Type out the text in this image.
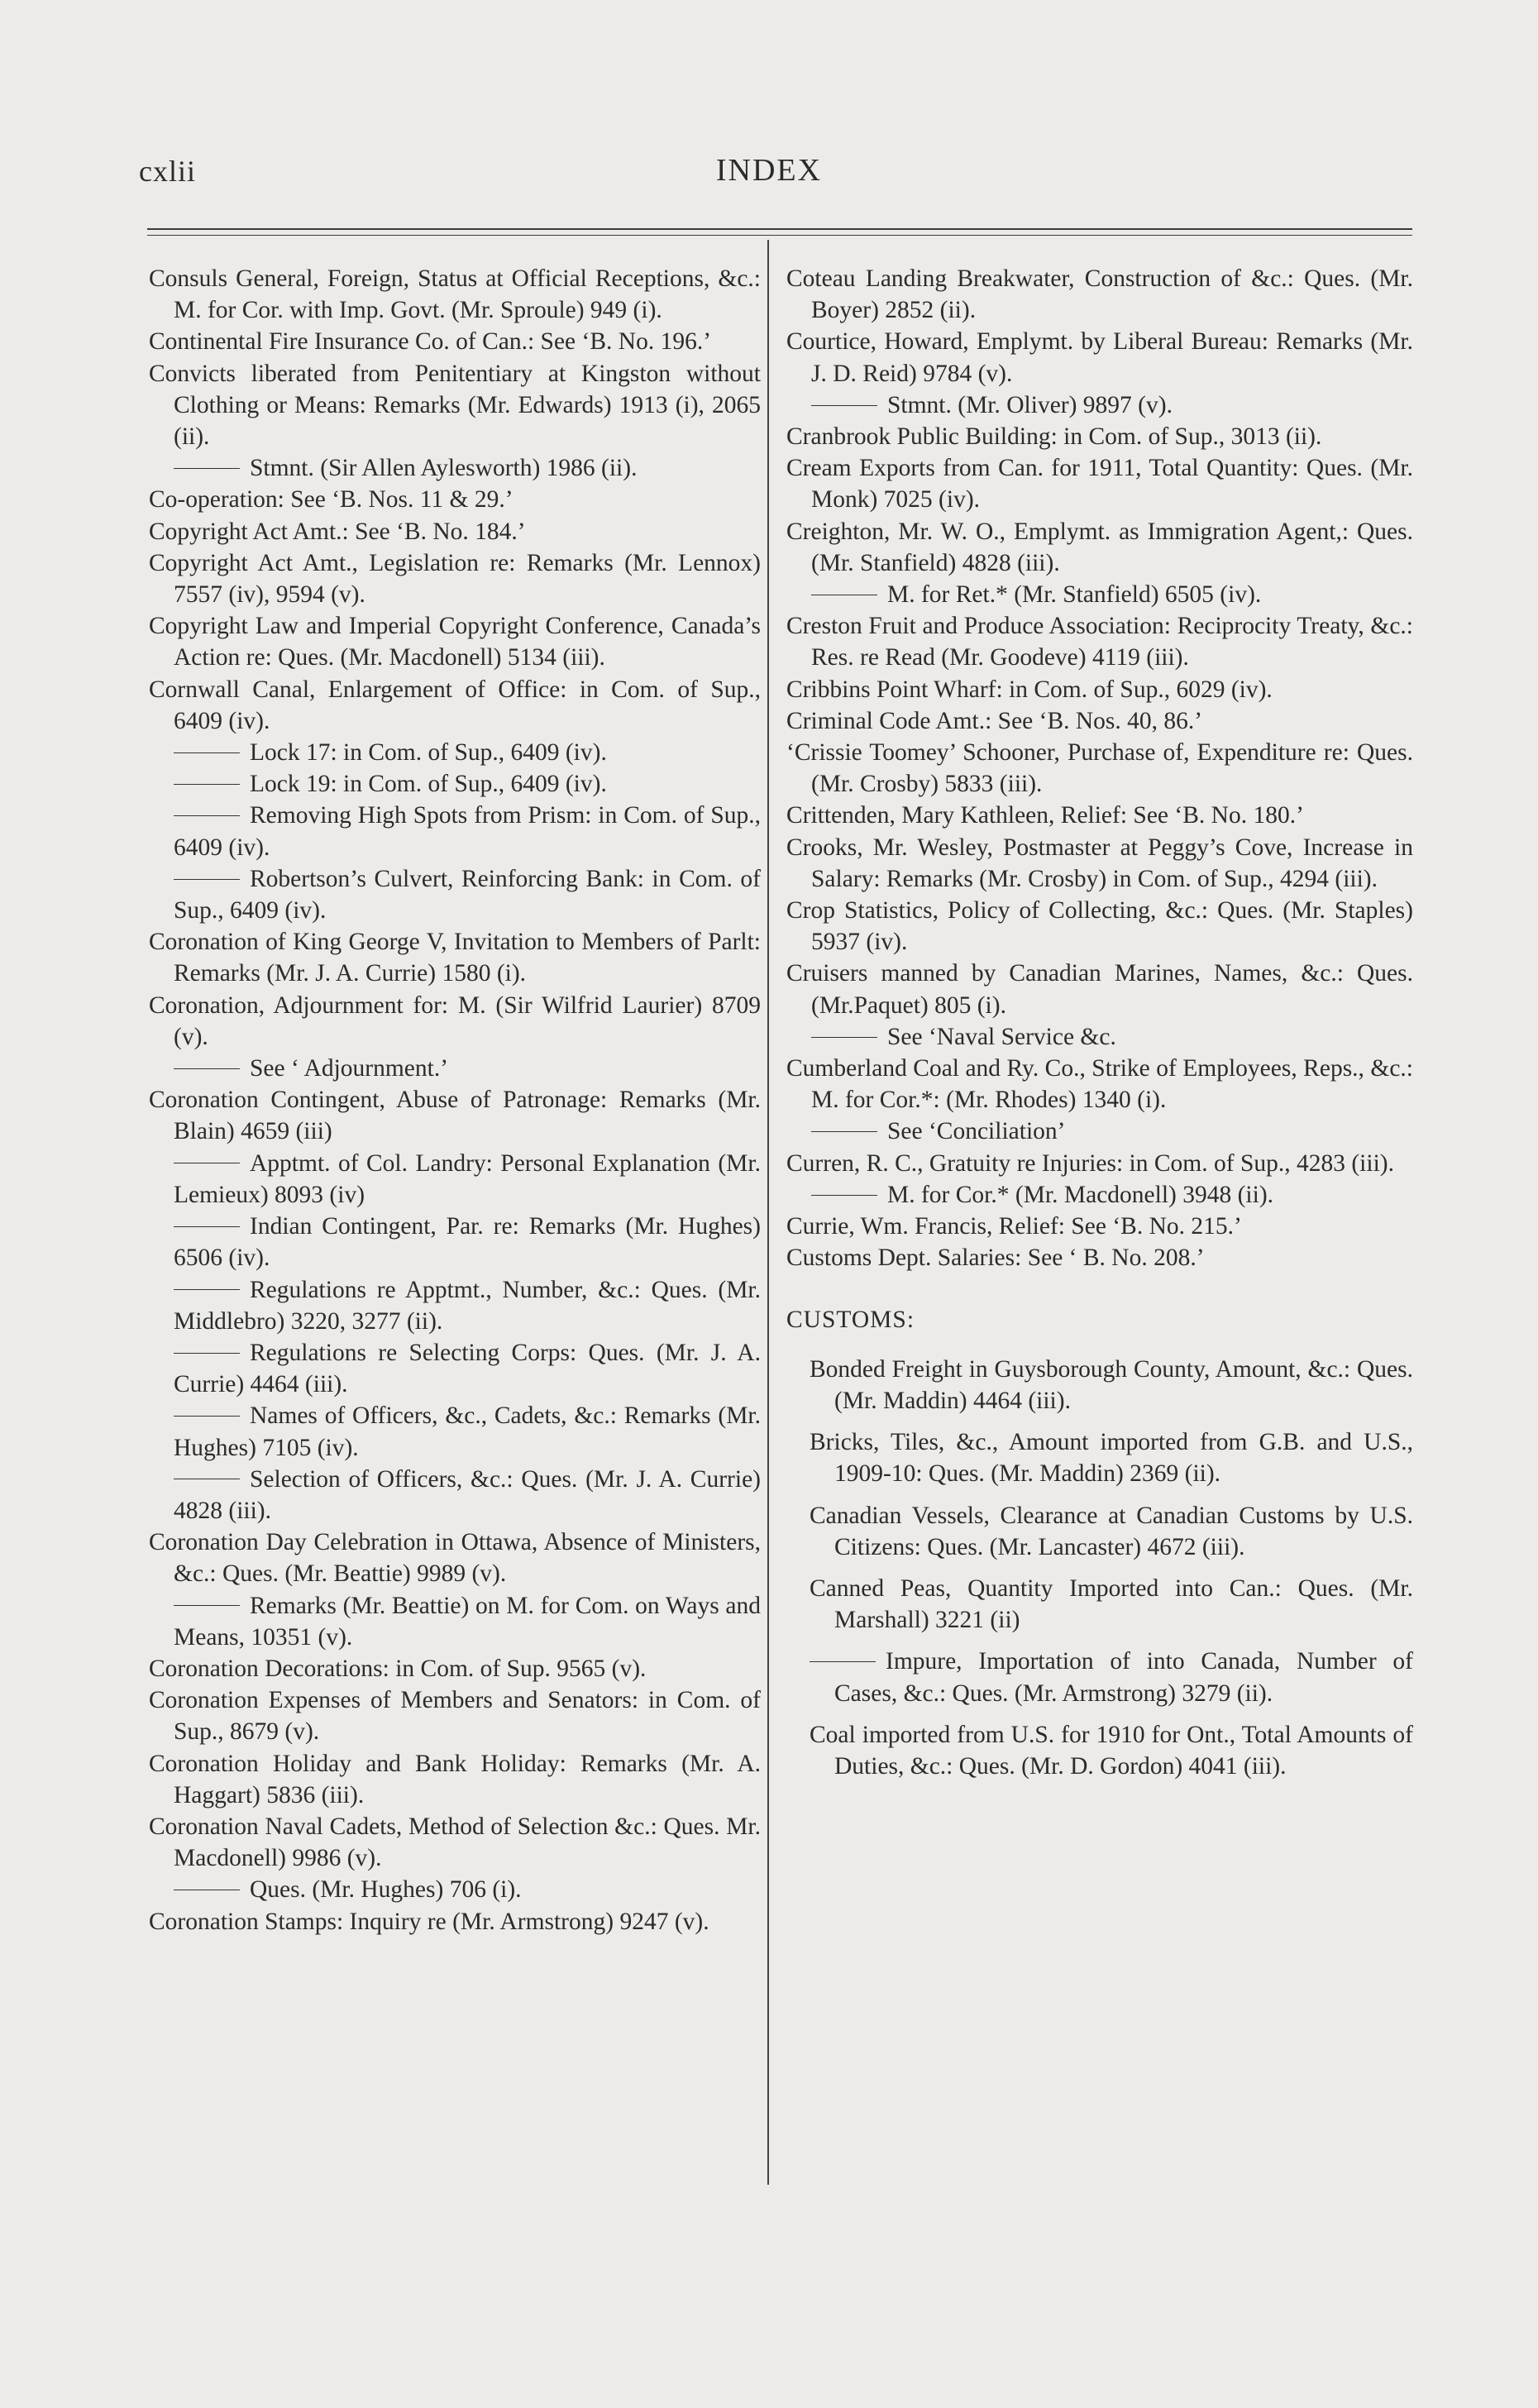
cxlii	INDEX

Consuls General, Foreign, Status at Official Receptions, &c.: M. for Cor. with Imp. Govt. (Mr. Sproule) 949 (i).

Continental Fire Insurance Co. of Can.: See ‘B. No. 196.’

Convicts liberated from Penitentiary at Kingston without Clothing or Means: Remarks (Mr. Edwards) 1913 (i), 2065 (ii).

Stmnt. (Sir Allen Aylesworth) 1986 (ii).

Co-operation: See ‘B. Nos. 11 & 29.’

Copyright Act Amt.: See ‘B. No. 184.’

Copyright Act Amt., Legislation re: Remarks (Mr. Lennox) 7557 (iv), 9594 (v).

Copyright Law and Imperial Copyright Conference, Canada’s Action re: Ques. (Mr. Macdonell) 5134 (iii).

Cornwall Canal, Enlargement of Office: in Com. of Sup., 6409 (iv).

Lock 17: in Com. of Sup., 6409 (iv).

Lock 19: in Com. of Sup., 6409 (iv).

Removing High Spots from Prism: in Com. of Sup., 6409 (iv).

Robertson’s Culvert, Reinforcing Bank: in Com. of Sup., 6409 (iv).

Coronation of King George V, Invitation to Members of Parlt: Remarks (Mr. J. A. Currie) 1580 (i).

Coronation, Adjournment for: M. (Sir Wilfrid Laurier) 8709 (v).

See ‘ Adjournment.’

Coronation Contingent, Abuse of Patronage: Remarks (Mr. Blain) 4659 (iii)

Apptmt. of Col. Landry: Personal Explanation (Mr. Lemieux) 8093 (iv)

Indian Contingent, Par. re: Remarks (Mr. Hughes) 6506 (iv).

Regulations re Apptmt., Number, &c.: Ques. (Mr. Middlebro) 3220, 3277 (ii).

Regulations re Selecting Corps: Ques. (Mr. J. A. Currie) 4464 (iii).

Names of Officers, &c., Cadets, &c.: Remarks (Mr. Hughes) 7105 (iv).

Selection of Officers, &c.: Ques. (Mr. J. A. Currie) 4828 (iii).

Coronation Day Celebration in Ottawa, Absence of Ministers, &c.: Ques. (Mr. Beattie) 9989 (v).

Remarks (Mr. Beattie) on M. for Com. on Ways and Means, 10351 (v).

Coronation Decorations: in Com. of Sup. 9565 (v).

Coronation Expenses of Members and Senators: in Com. of Sup., 8679 (v).

Coronation Holiday and Bank Holiday: Remarks (Mr. A. Haggart) 5836 (iii).

Coronation Naval Cadets, Method of Selection &c.: Ques. Mr. Macdonell) 9986 (v).

Ques. (Mr. Hughes) 706 (i).

Coronation Stamps: Inquiry re (Mr. Armstrong) 9247 (v).

Coteau Landing Breakwater, Construction of &c.: Ques. (Mr. Boyer) 2852 (ii).

Courtice, Howard, Emplymt. by Liberal Bureau: Remarks (Mr. J. D. Reid) 9784 (v).

Stmnt. (Mr. Oliver) 9897 (v).

Cranbrook Public Building: in Com. of Sup., 3013 (ii).

Cream Exports from Can. for 1911, Total Quantity: Ques. (Mr. Monk) 7025 (iv).

Creighton, Mr. W. O., Emplymt. as Immigration Agent,: Ques. (Mr. Stanfield) 4828 (iii).

M. for Ret.* (Mr. Stanfield) 6505 (iv).

Creston Fruit and Produce Association: Reciprocity Treaty, &c.: Res. re Read (Mr. Goodeve) 4119 (iii).

Cribbins Point Wharf: in Com. of Sup., 6029 (iv).

Criminal Code Amt.: See ‘B. Nos. 40, 86.’

‘Crissie Toomey’ Schooner, Purchase of, Expenditure re: Ques. (Mr. Crosby) 5833 (iii).

Crittenden, Mary Kathleen, Relief: See ‘B. No. 180.’

Crooks, Mr. Wesley, Postmaster at Peggy’s Cove, Increase in Salary: Remarks (Mr. Crosby) in Com. of Sup., 4294 (iii).

Crop Statistics, Policy of Collecting, &c.: Ques. (Mr. Staples) 5937 (iv).

Cruisers manned by Canadian Marines, Names, &c.: Ques. (Mr.Paquet) 805 (i).

See ‘Naval Service &c.

Cumberland Coal and Ry. Co., Strike of Employees, Reps., &c.: M. for Cor.*: (Mr. Rhodes) 1340 (i).

See ‘Conciliation’

Curren, R. C., Gratuity re Injuries: in Com. of Sup., 4283 (iii).

M. for Cor.* (Mr. Macdonell) 3948 (ii).

Currie, Wm. Francis, Relief: See ‘B. No. 215.’

Customs Dept. Salaries: See ‘ B. No. 208.’

CUSTOMS:

Bonded Freight in Guysborough County, Amount, &c.: Ques. (Mr. Maddin) 4464 (iii).

Bricks, Tiles, &c., Amount imported from G.B. and U.S., 1909-10: Ques. (Mr. Maddin) 2369 (ii).

Canadian Vessels, Clearance at Canadian Customs by U.S. Citizens: Ques. (Mr. Lancaster) 4672 (iii).

Canned Peas, Quantity Imported into Can.: Ques. (Mr. Marshall) 3221 (ii)

Impure, Importation of into Canada, Number of Cases, &c.: Ques. (Mr. Armstrong) 3279 (ii).

Coal imported from U.S. for 1910 for Ont., Total Amounts of Duties, &c.: Ques. (Mr. D. Gordon) 4041 (iii).
